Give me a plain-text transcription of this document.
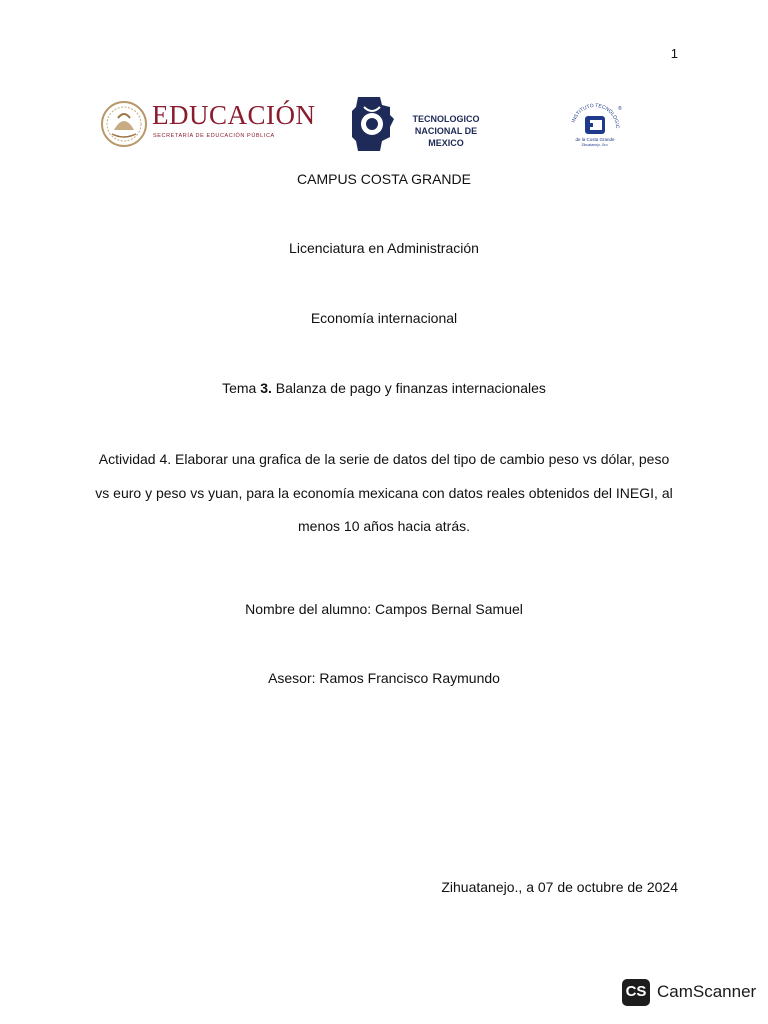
1
EDUCACIÓN
SECRETARÍA DE EDUCACIÓN PÚBLICA
TECNOLOGICO
NACIONAL DE MEXICO
INSTITUTO TECNOLOGIC
de la Costa Grande
Zihuatanejo, Gro.
®
CAMPUS COSTA GRANDE
Licenciatura en Administración
Economía internacional
Tema 3. Balanza de pago y finanzas internacionales
Actividad 4. Elaborar una grafica de la serie de datos del tipo de cambio peso vs dólar, peso vs euro y peso vs yuan, para la economía mexicana con datos reales obtenidos del INEGI, al menos 10 años hacia atrás.
Nombre del alumno: Campos Bernal Samuel
Asesor: Ramos Francisco Raymundo
Zihuatanejo., a 07 de octubre de 2024
CS CamScanner
